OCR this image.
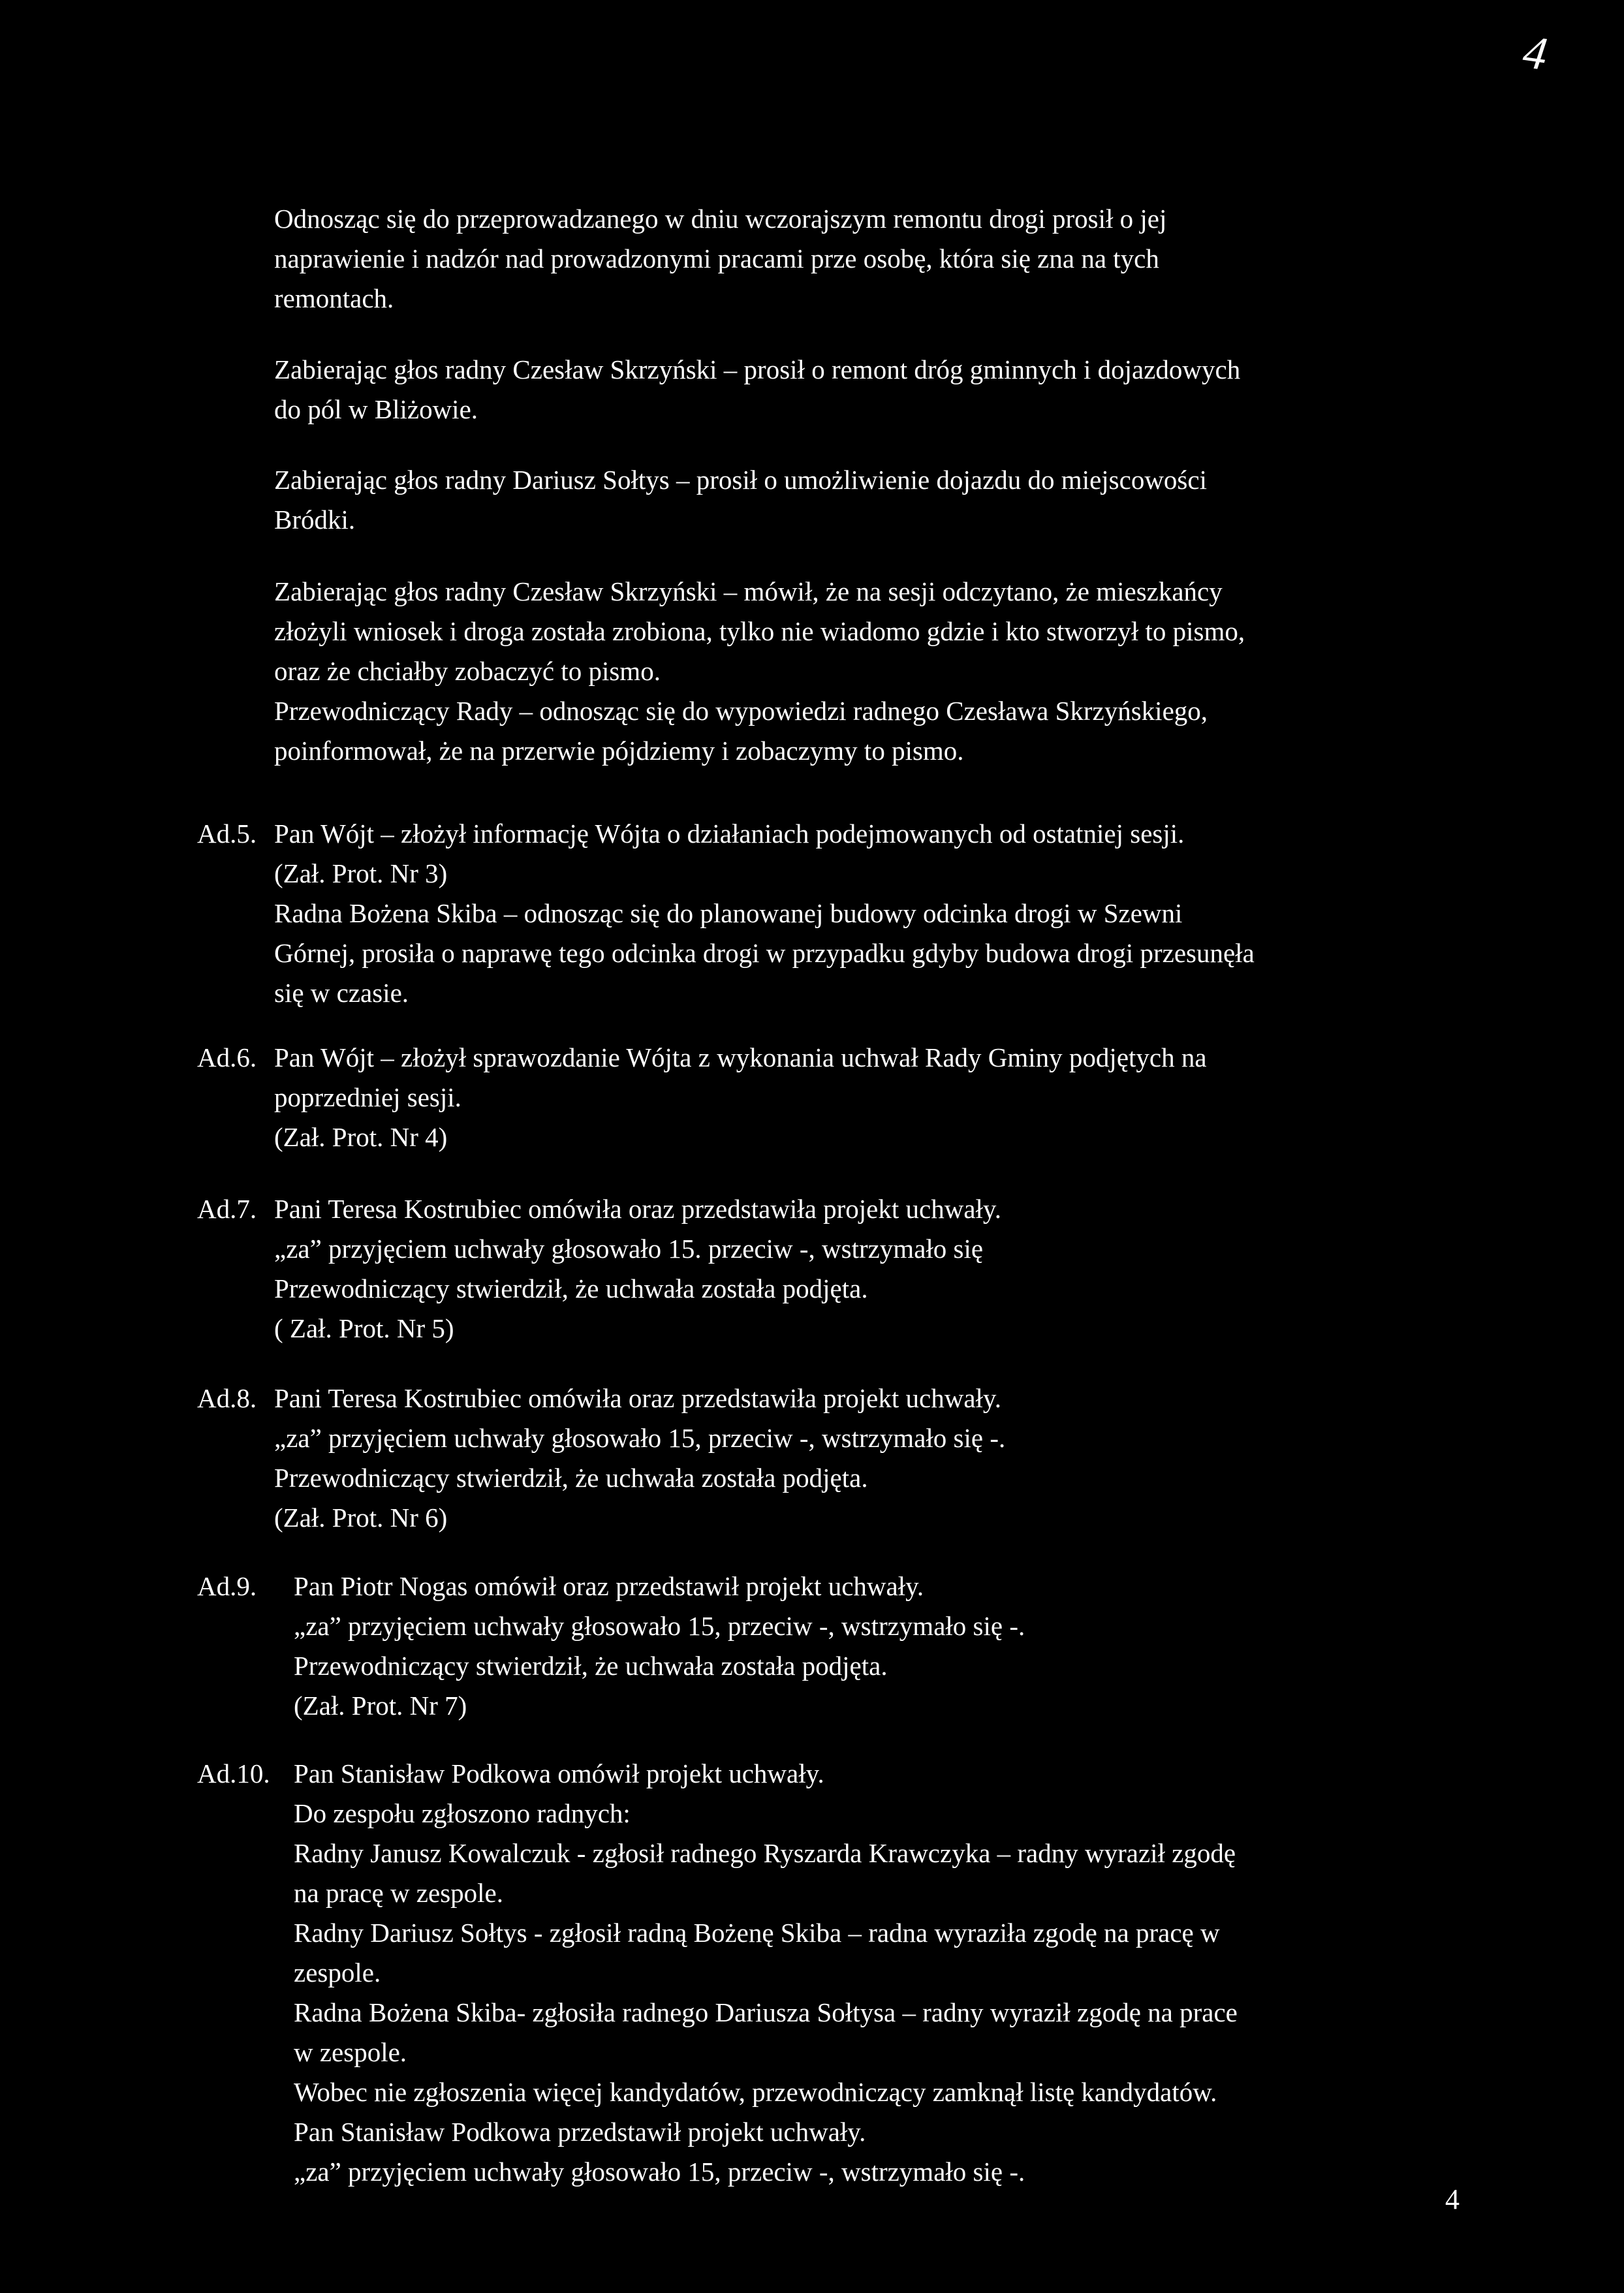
4
Odnosząc się do przeprowadzanego w dniu wczorajszym remontu drogi prosił o jej
naprawienie i nadzór nad prowadzonymi pracami prze osobę, która się zna na tych
remontach.
Zabierając głos radny Czesław Skrzyński – prosił o remont dróg gminnych i dojazdowych
do pól w Bliżowie.
Zabierając głos radny Dariusz Sołtys – prosił o umożliwienie dojazdu do miejscowości
Bródki.
Zabierając głos radny Czesław Skrzyński – mówił, że na sesji odczytano, że mieszkańcy
złożyli wniosek i droga została zrobiona, tylko nie wiadomo gdzie i kto stworzył to pismo,
oraz że chciałby zobaczyć to pismo.
Przewodniczący Rady – odnosząc się do wypowiedzi radnego Czesława Skrzyńskiego,
poinformował, że na przerwie pójdziemy i zobaczymy to pismo.

Ad.5. Pan Wójt – złożył informację Wójta o działaniach podejmowanych od ostatniej sesji.
(Zał. Prot. Nr 3)
Radna Bożena Skiba – odnosząc się do planowanej budowy odcinka drogi w Szewni
Górnej, prosiła o naprawę tego odcinka drogi w przypadku gdyby budowa drogi przesunęła
się w czasie.

Ad.6. Pan Wójt – złożył sprawozdanie Wójta z wykonania uchwał Rady Gminy podjętych na
poprzedniej sesji.
(Zał. Prot. Nr 4)

Ad.7. Pani Teresa Kostrubiec omówiła oraz przedstawiła projekt uchwały.
„za” przyjęciem uchwały głosowało 15. przeciw -, wstrzymało się
Przewodniczący stwierdził, że uchwała została podjęta.
( Zał. Prot. Nr 5)

Ad.8. Pani Teresa Kostrubiec omówiła oraz przedstawiła projekt uchwały.
„za” przyjęciem uchwały głosowało 15, przeciw -, wstrzymało się -.
Przewodniczący stwierdził, że uchwała została podjęta.
(Zał. Prot. Nr 6)

Ad.9.	Pan Piotr Nogas omówił oraz przedstawił projekt uchwały.
„za” przyjęciem uchwały głosowało 15, przeciw -, wstrzymało się -.
Przewodniczący stwierdził, że uchwała została podjęta.
(Zał. Prot. Nr 7)

Ad.10. Pan Stanisław Podkowa omówił projekt uchwały.
Do zespołu zgłoszono radnych:
Radny Janusz Kowalczuk - zgłosił radnego Ryszarda Krawczyka – radny wyraził zgodę
na pracę w zespole.
Radny Dariusz Sołtys - zgłosił radną Bożenę Skiba – radna wyraziła zgodę na pracę w
zespole.
Radna Bożena Skiba- zgłosiła radnego Dariusza Sołtysa – radny wyraził zgodę na prace
w zespole.
Wobec nie zgłoszenia więcej kandydatów, przewodniczący zamknął listę kandydatów.
Pan Stanisław Podkowa przedstawił projekt uchwały.
„za” przyjęciem uchwały głosowało 15, przeciw -, wstrzymało się -.

4
